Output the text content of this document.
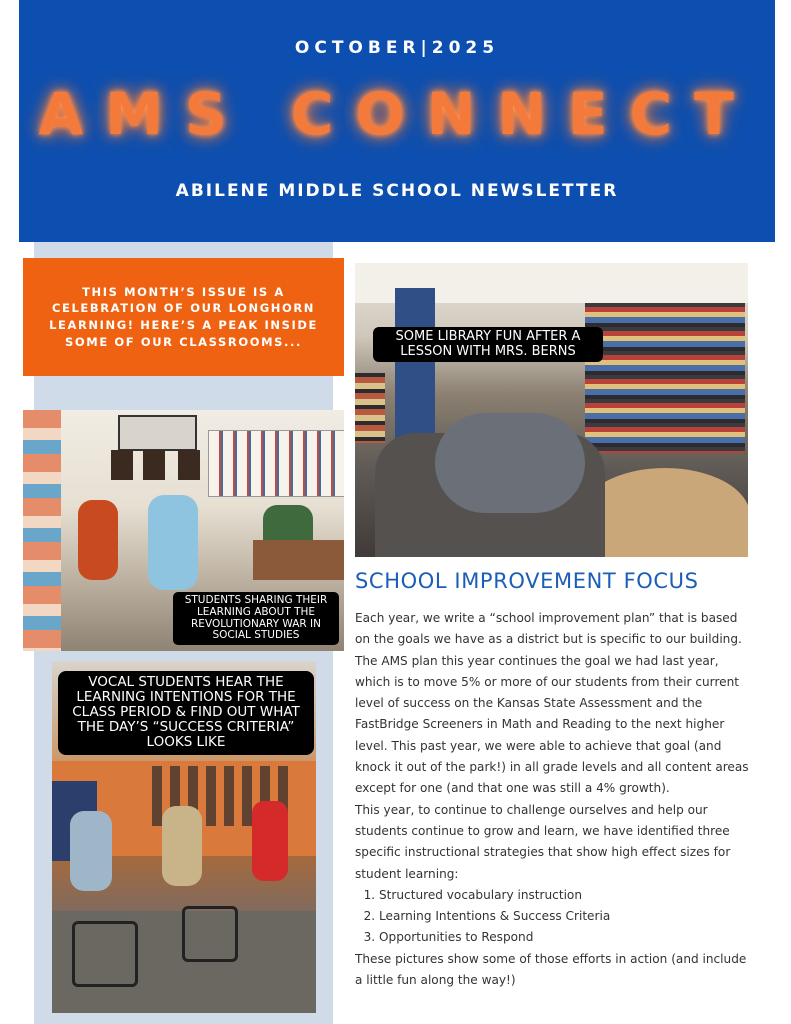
OCTOBER|2025
AMS CONNECT
ABILENE MIDDLE SCHOOL NEWSLETTER
THIS MONTH’S ISSUE IS A CELEBRATION OF OUR LONGHORN LEARNING! HERE’S A PEAK INSIDE SOME OF OUR CLASSROOMS...	SOME LIBRARY FUN AFTER A LESSON WITH MRS. BERNS
STUDENTS SHARING THEIR LEARNING ABOUT THE REVOLUTIONARY WAR IN SOCIAL STUDIES
VOCAL STUDENTS HEAR THE LEARNING INTENTIONS FOR THE CLASS PERIOD & FIND OUT WHAT THE DAY’S “SUCCESS CRITERIA” LOOKS LIKE
SCHOOL IMPROVEMENT FOCUS

Each year, we write a “school improvement plan” that is based on the goals we have as a district but is specific to our building. The AMS plan this year continues the goal we had last year, which is to move 5% or more of our students from their current level of success on the Kansas State Assessment and the FastBridge Screeners in Math and Reading to the next higher level. This past year, we were able to achieve that goal (and knock it out of the park!) in all grade levels and all content areas except for one (and that one was still a 4% growth).

This year, to continue to challenge ourselves and help our students continue to grow and learn, we have identified three specific instructional strategies that show high effect sizes for student learning:

1. Structured vocabulary instruction
2. Learning Intentions & Success Criteria
3. Opportunities to Respond

These pictures show some of those efforts in action (and include a little fun along the way!)
